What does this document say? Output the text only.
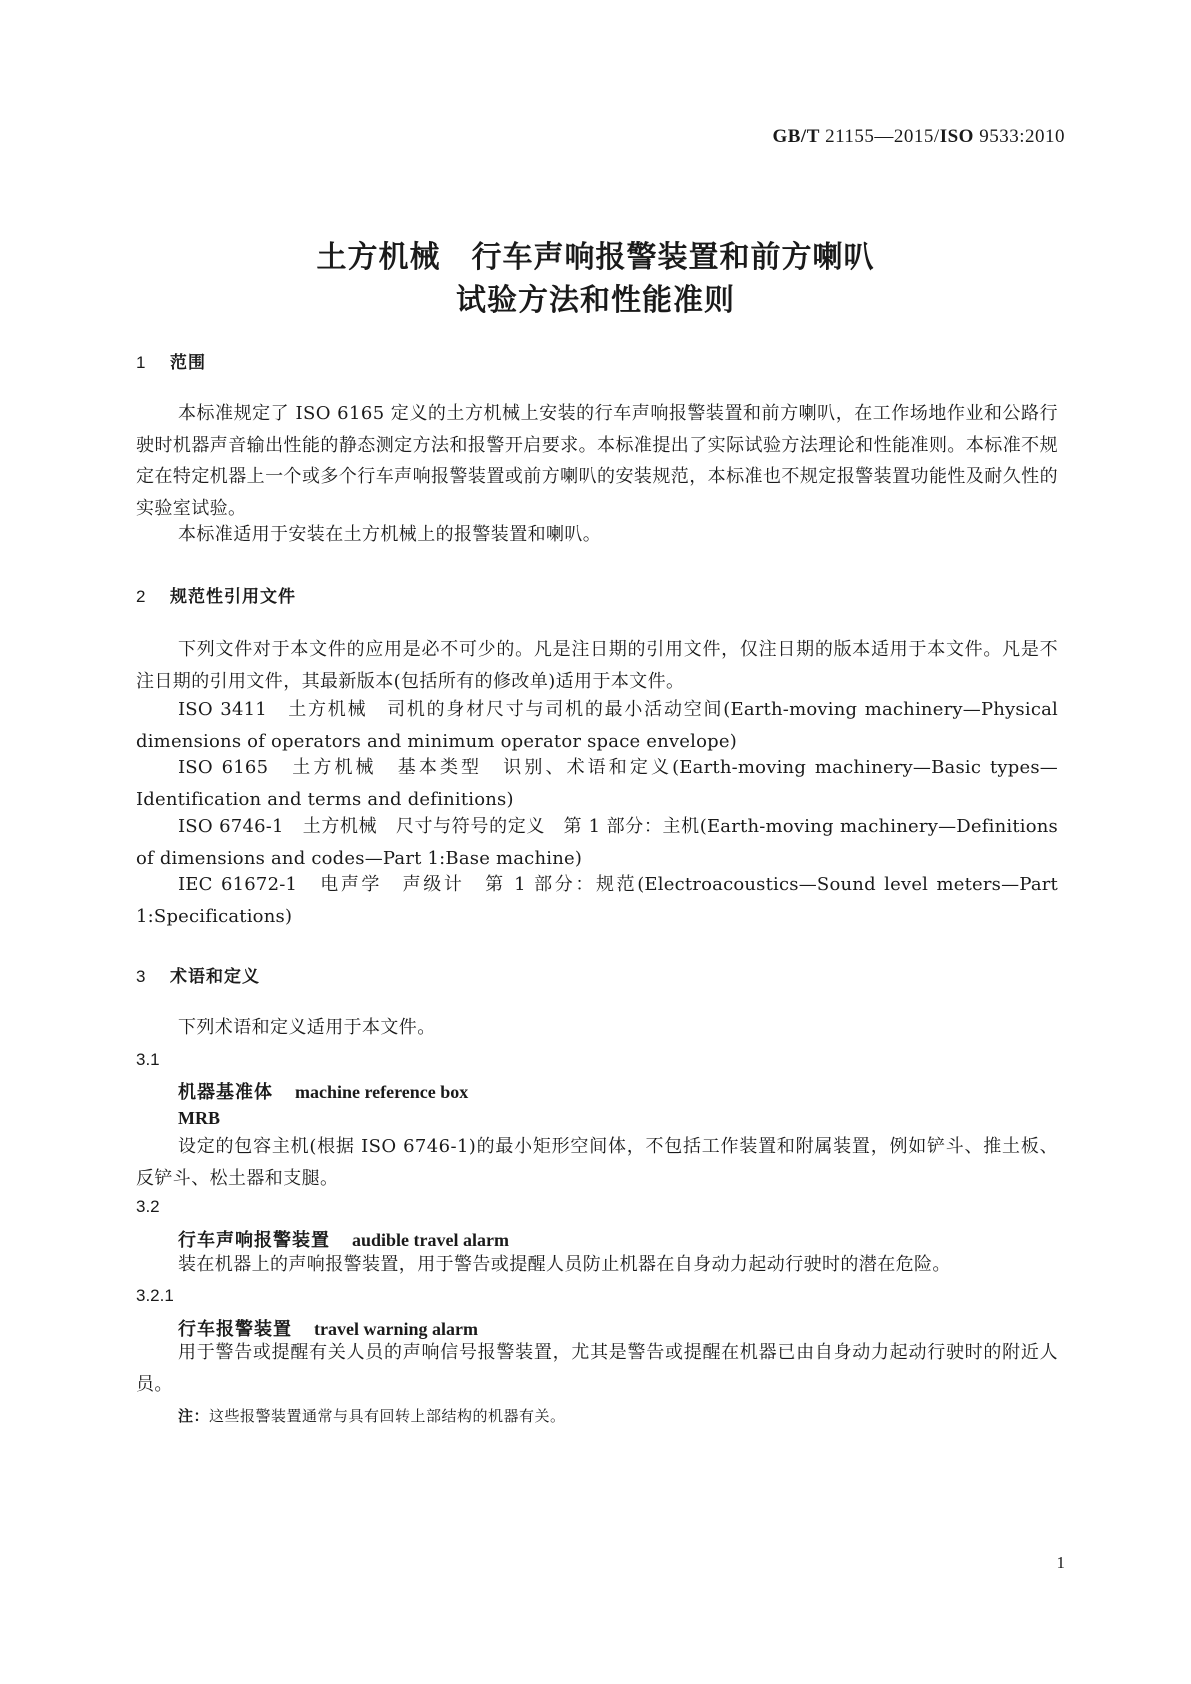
GB/T 21155—2015/ISO 9533:2010
土方机械　行车声响报警装置和前方喇叭
试验方法和性能准则
1 范围
本标准规定了 ISO 6165 定义的土方机械上安装的行车声响报警装置和前方喇叭，在工作场地作业和公路行驶时机器声音输出性能的静态测定方法和报警开启要求。本标准提出了实际试验方法理论和性能准则。本标准不规定在特定机器上一个或多个行车声响报警装置或前方喇叭的安装规范，本标准也不规定报警装置功能性及耐久性的实验室试验。
本标准适用于安装在土方机械上的报警装置和喇叭。
2 规范性引用文件
下列文件对于本文件的应用是必不可少的。凡是注日期的引用文件，仅注日期的版本适用于本文件。凡是不注日期的引用文件，其最新版本(包括所有的修改单)适用于本文件。
ISO 3411　土方机械　司机的身材尺寸与司机的最小活动空间(Earth-moving machinery—Physical dimensions of operators and minimum operator space envelope)
ISO 6165　土方机械　基本类型　识别、术语和定义(Earth-moving machinery—Basic types—Identification and terms and definitions)
ISO 6746-1　土方机械　尺寸与符号的定义　第 1 部分：主机(Earth-moving machinery—Definitions of dimensions and codes—Part 1:Base machine)
IEC 61672-1　电声学　声级计　第 1 部分：规范(Electroacoustics—Sound level meters—Part 1:Specifications)
3 术语和定义
下列术语和定义适用于本文件。
3.1
机器基准体 machine reference box
MRB
设定的包容主机(根据 ISO 6746-1)的最小矩形空间体，不包括工作装置和附属装置，例如铲斗、推土板、反铲斗、松土器和支腿。
3.2
行车声响报警装置 audible travel alarm
装在机器上的声响报警装置，用于警告或提醒人员防止机器在自身动力起动行驶时的潜在危险。
3.2.1
行车报警装置 travel warning alarm
用于警告或提醒有关人员的声响信号报警装置，尤其是警告或提醒在机器已由自身动力起动行驶时的附近人员。
注：这些报警装置通常与具有回转上部结构的机器有关。
1
